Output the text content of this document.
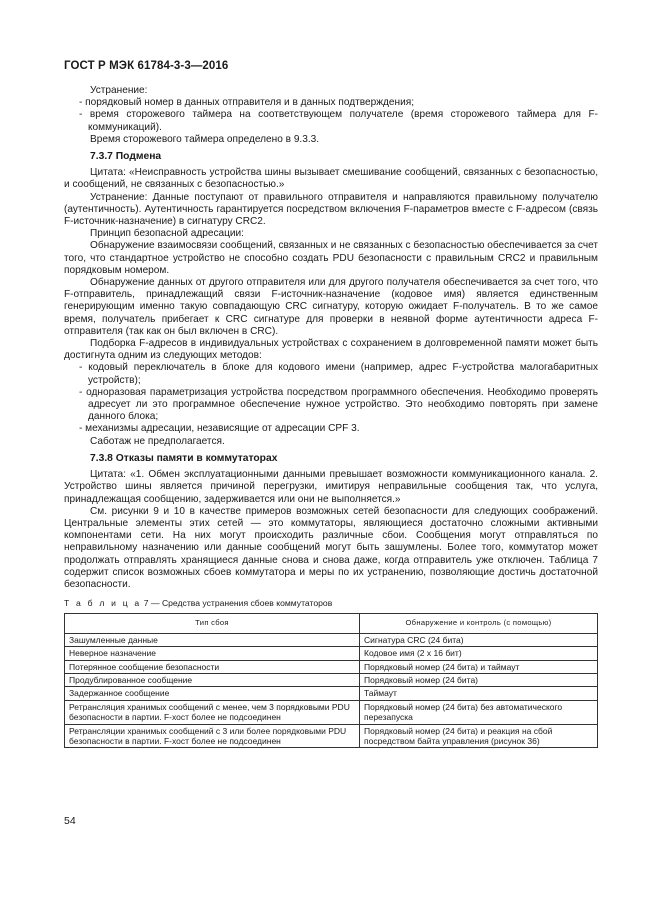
ГОСТ Р МЭК 61784-3-3—2016

Устранение:

- порядковый номер в данных отправителя и в данных подтверждения;

- время сторожевого таймера на соответствующем получателе (время сторожевого таймера для F-коммуникаций).

Время сторожевого таймера определено в 9.3.3.

7.3.7 Подмена

Цитата: «Неисправность устройства шины вызывает смешивание сообщений, связанных с безопасностью, и сообщений, не связанных с безопасностью.»

Устранение: Данные поступают от правильного отправителя и направляются правильному получателю (аутентичность). Аутентичность гарантируется посредством включения F-параметров вместе с F-адресом (связь F-источник-назначение) в сигнатуру CRC2.

Принцип безопасной адресации:

Обнаружение взаимосвязи сообщений, связанных и не связанных с безопасностью обеспечивается за счет того, что стандартное устройство не способно создать PDU безопасности с правильным CRC2 и правильным порядковым номером.

Обнаружение данных от другого отправителя или для другого получателя обеспечивается за счет того, что F-отправитель, принадлежащий связи F-источник-назначение (кодовое имя) является единственным генерирующим именно такую совпадающую CRC сигнатуру, которую ожидает F-получатель. В то же самое время, получатель прибегает к CRC сигнатуре для проверки в неявной форме аутентичности адреса F-отправителя (так как он был включен в CRC).

Подборка F-адресов в индивидуальных устройствах с сохранением в долговременной памяти может быть достигнута одним из следующих методов:

- кодовый переключатель в блоке для кодового имени (например, адрес F-устройства малогабаритных устройств);

- одноразовая параметризация устройства посредством программного обеспечения. Необходимо проверять адресует ли это программное обеспечение нужное устройство. Это необходимо повторять при замене данного блока;

- механизмы адресации, независящие от адресации CPF 3.

Саботаж не предполагается.

7.3.8 Отказы памяти в коммутаторах

Цитата: «1. Обмен эксплуатационными данными превышает возможности коммуникационного канала. 2. Устройство шины является причиной перегрузки, имитируя неправильные сообщения так, что услуга, принадлежащая сообщению, задерживается или они не выполняется.»

См. рисунки 9 и 10 в качестве примеров возможных сетей безопасности для следующих соображений. Центральные элементы этих сетей — это коммутаторы, являющиеся достаточно сложными активными компонентами сети. На них могут происходить различные сбои. Сообщения могут отправляться по неправильному назначению или данные сообщений могут быть зашумлены. Более того, коммутатор может продолжать отправлять хранящиеся данные снова и снова даже, когда отправитель уже отключен. Таблица 7 содержит список возможных сбоев коммутатора и меры по их устранению, позволяющие достичь достаточной безопасности.

Т а б л и ц а 7 — Средства устранения сбоев коммутаторов

Тип сбоя	Обнаружение и контроль (с помощью)
Зашумленные данные	Сигнатура CRC (24 бита)
Неверное назначение	Кодовое имя (2 х 16 бит)
Потерянное сообщение безопасности	Порядковый номер (24 бита) и таймаут
Продублированное сообщение	Порядковый номер (24 бита)
Задержанное сообщение	Таймаут
Ретрансляция хранимых сообщений с менее, чем 3 порядковыми PDU безопасности в партии. F-хост более не подсоединен	Порядковый номер (24 бита) без автоматического перезапуска
Ретрансляции хранимых сообщений с 3 или более порядковыми PDU безопасности в партии. F-хост более не подсоединен	Порядковый номер (24 бита) и реакция на сбой посредством байта управления (рисунок 36)
54
